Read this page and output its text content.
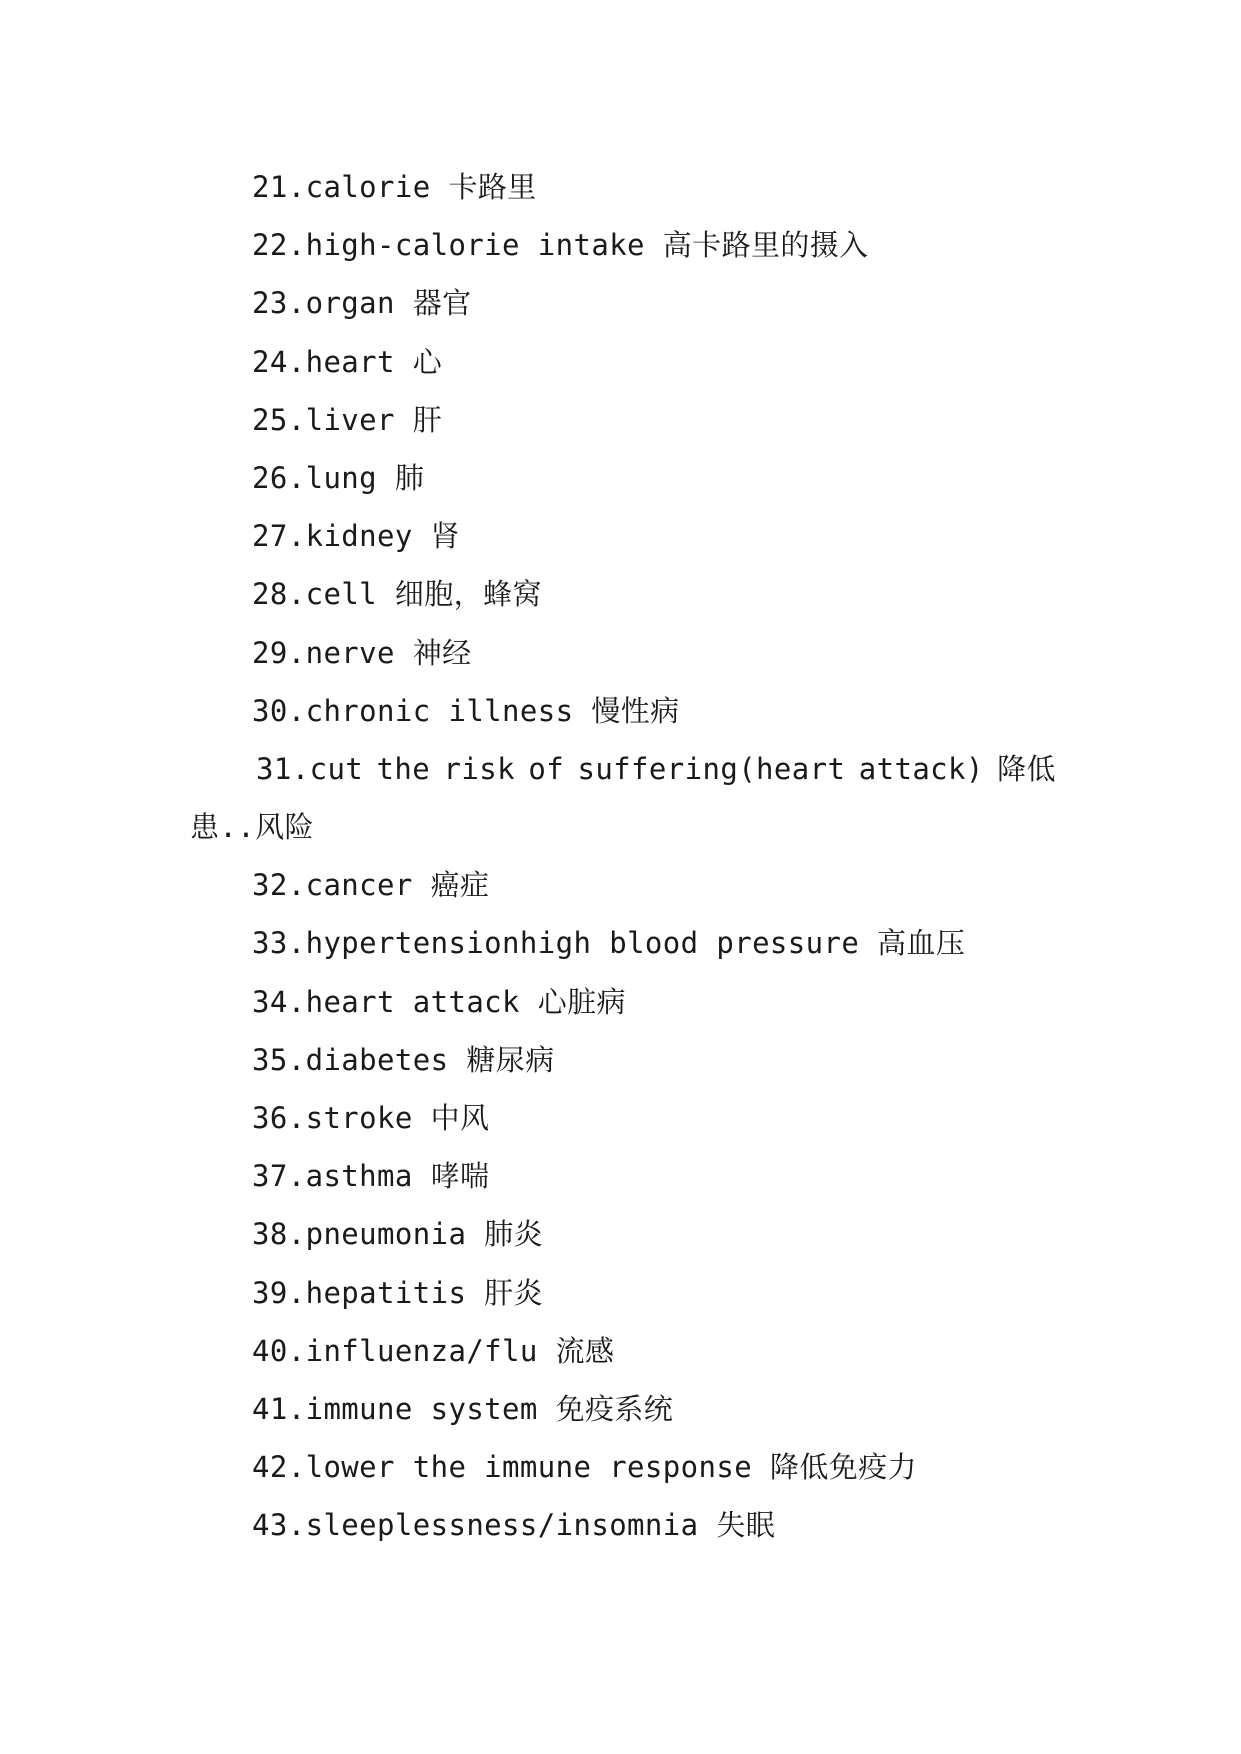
21.calorie 卡路里
22.high-calorie intake 高卡路里的摄入
23.organ 器官
24.heart 心
25.liver 肝
26.lung 肺
27.kidney 肾
28.cell 细胞，蜂窝
29.nerve 神经
30.chronic illness 慢性病
31.cut the risk of suffering(heart attack) 降低
患..风险
32.cancer 癌症
33.hypertensionhigh blood pressure 高血压
34.heart attack 心脏病
35.diabetes 糖尿病
36.stroke 中风
37.asthma 哮喘
38.pneumonia 肺炎
39.hepatitis 肝炎
40.influenza/flu 流感
41.immune system 免疫系统
42.lower the immune response 降低免疫力
43.sleeplessness/insomnia 失眠
